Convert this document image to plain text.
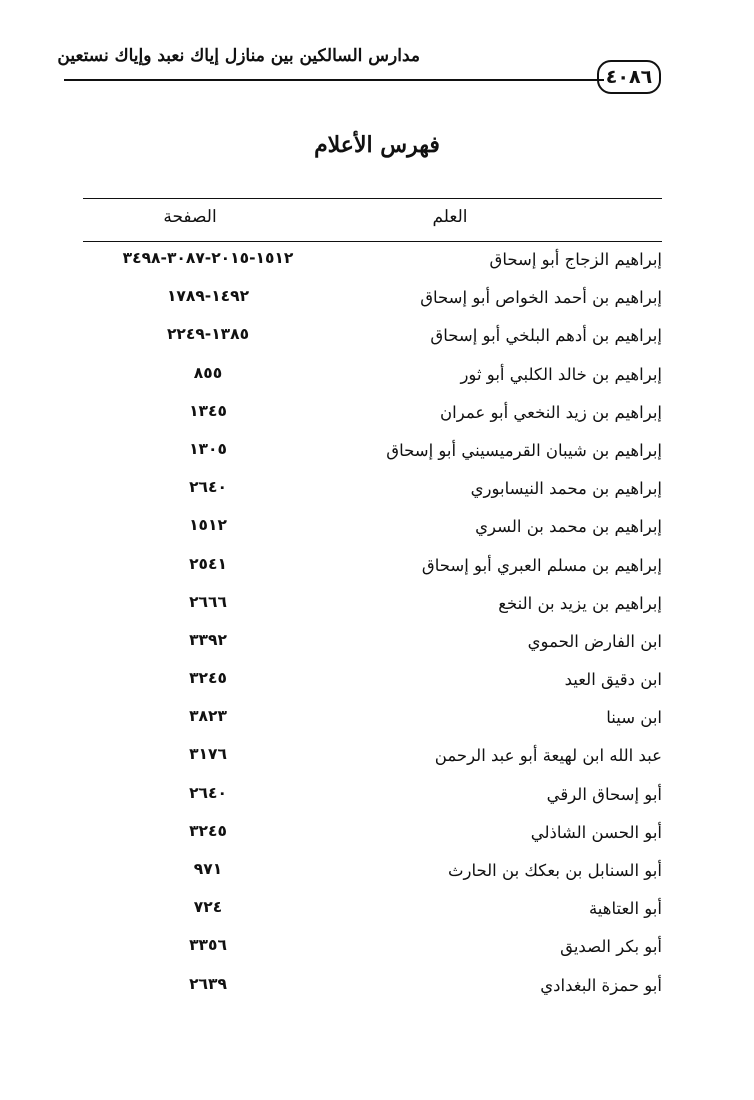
مدارس السالكين بين منازل إياك نعبد وإياك نستعين
٤٠٨٦
فهرس الأعلام
العلم
الصفحة
إبراهيم الزجاج أبو إسحاق
١٥١٢-٢٠١٥-٣٠٨٧-٣٤٩٨
إبراهيم بن أحمد الخواص أبو إسحاق
١٤٩٢-١٧٨٩
إبراهيم بن أدهم البلخي أبو إسحاق
١٣٨٥-٢٢٤٩
إبراهيم بن خالد الكلبي أبو ثور
٨٥٥
إبراهيم بن زيد النخعي أبو عمران
١٣٤٥
إبراهيم بن شيبان القرميسيني أبو إسحاق
١٣٠٥
إبراهيم بن محمد النيسابوري
٢٦٤٠
إبراهيم بن محمد بن السري
١٥١٢
إبراهيم بن مسلم العبري أبو إسحاق
٢٥٤١
إبراهيم بن يزيد بن النخع
٢٦٦٦
ابن الفارض الحموي
٣٣٩٢
ابن دقيق العيد
٣٢٤٥
ابن سينا
٣٨٢٣
عبد الله ابن لهيعة أبو عبد الرحمن
٣١٧٦
أبو إسحاق الرقي
٢٦٤٠
أبو الحسن الشاذلي
٣٢٤٥
أبو السنابل بن بعكك بن الحارث
٩٧١
أبو العتاهية
٧٢٤
أبو بكر الصديق
٣٣٥٦
أبو حمزة البغدادي
٢٦٣٩
